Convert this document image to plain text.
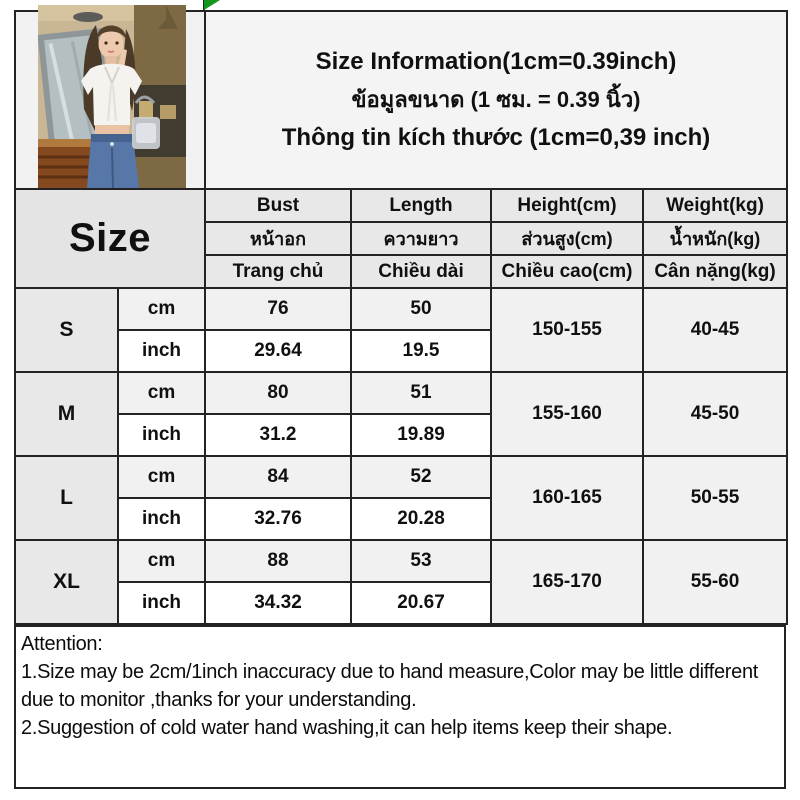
		Size Information(1cm=0.39inch)
ข้อมูลขนาด (1 ซม. = 0.39 นิ้ว)
Thông tin kích thước (1cm=0,39 inch)			

Size		Bust	Length	Height(cm)	Weight(kg)
		หน้าอก	ความยาว	ส่วนสูง(cm)	น้ำหนัก(kg)
		Trang chủ	Chiều dài	Chiều cao(cm)	Cân nặng(kg)
S	cm	76	50	150-155	40-45
	inch	29.64	19.5		
M	cm	80	51	155-160	45-50
	inch	31.2	19.89		
L	cm	84	52	160-165	50-55
	inch	32.76	20.28		
XL	cm	88	53	165-170	55-60
	inch	34.32	20.67		
Attention:
1.Size may be 2cm/1inch inaccuracy due to hand measure,Color may be little different due to monitor ,thanks for your understanding.
2.Suggestion of cold water hand washing,it can help items keep their shape.
